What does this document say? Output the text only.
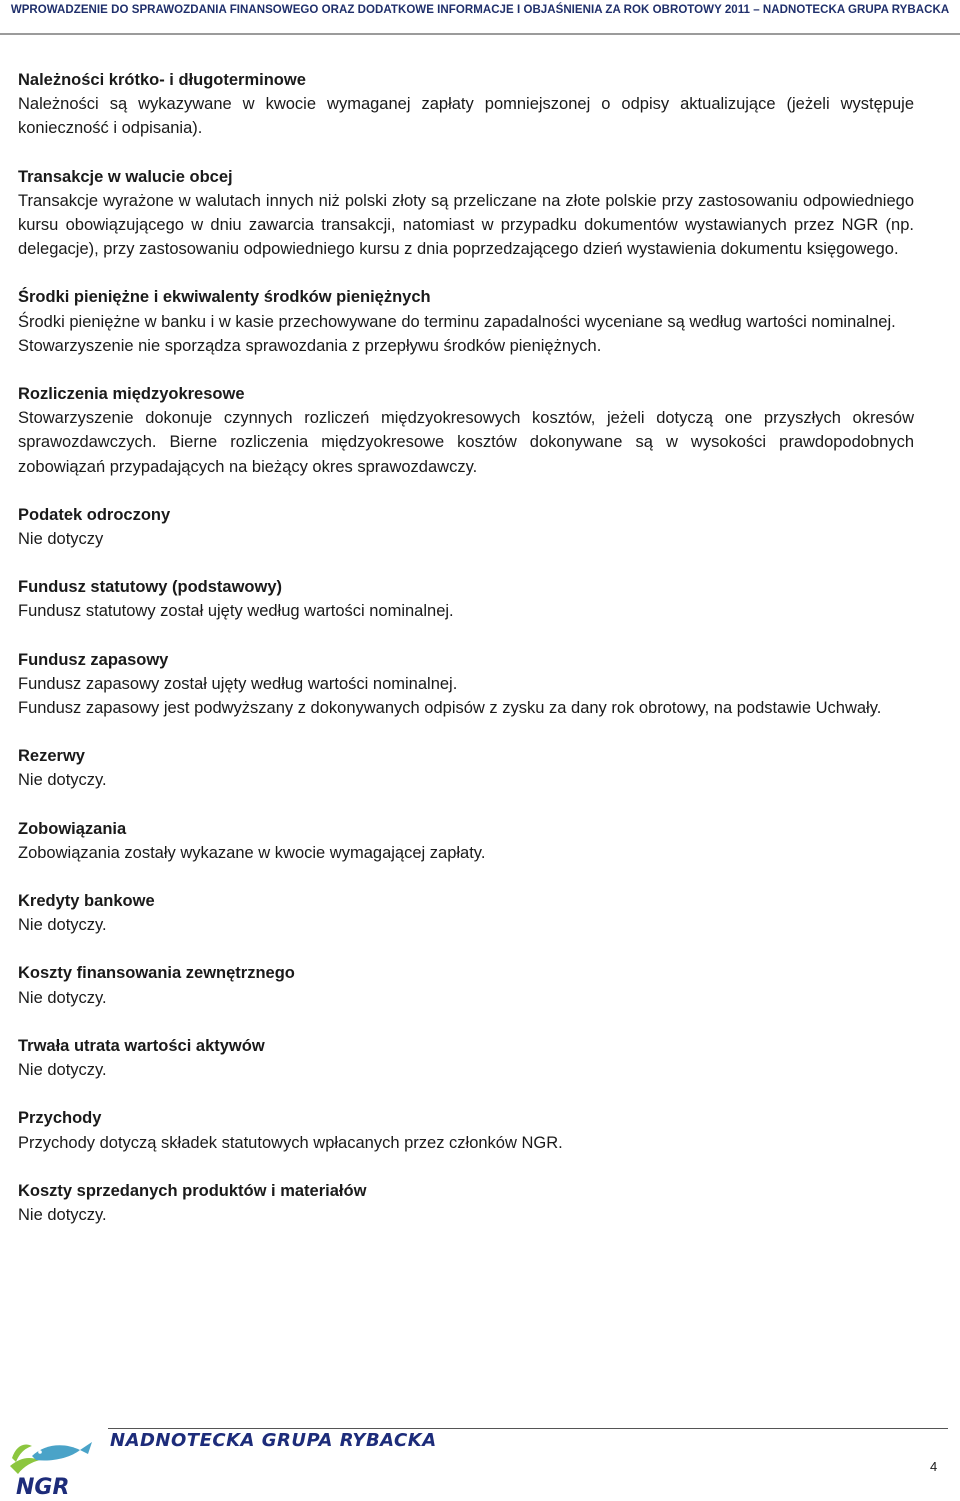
WPROWADZENIE DO SPRAWOZDANIA FINANSOWEGO ORAZ DODATKOWE INFORMACJE I OBJAŚNIENIA ZA ROK OBROTOWY 2011 – NADNOTECKA GRUPA RYBACKA
Należności krótko- i długoterminowe

Należności są wykazywane w kwocie wymaganej zapłaty pomniejszonej o odpisy aktualizujące (jeżeli występuje konieczność i odpisania).

Transakcje w walucie obcej

Transakcje wyrażone w walutach innych niż polski złoty są przeliczane na złote polskie przy zastosowaniu odpowiedniego kursu obowiązującego w dniu zawarcia transakcji, natomiast w przypadku dokumentów wystawianych przez NGR (np. delegacje), przy zastosowaniu odpowiedniego kursu z dnia poprzedzającego dzień wystawienia dokumentu księgowego.

Środki pieniężne i ekwiwalenty środków pieniężnych

Środki pieniężne w banku i w kasie przechowywane do terminu zapadalności wyceniane są według wartości nominalnej.

Stowarzyszenie nie sporządza sprawozdania z przepływu środków pieniężnych.

Rozliczenia międzyokresowe

Stowarzyszenie dokonuje czynnych rozliczeń międzyokresowych kosztów, jeżeli dotyczą one przyszłych okresów sprawozdawczych. Bierne rozliczenia międzyokresowe kosztów dokonywane są w wysokości prawdopodobnych zobowiązań przypadających na bieżący okres sprawozdawczy.

Podatek odroczony

Nie dotyczy

Fundusz statutowy (podstawowy)

Fundusz statutowy został ujęty według wartości nominalnej.

Fundusz zapasowy

Fundusz zapasowy został ujęty według wartości nominalnej.

Fundusz zapasowy jest podwyższany z dokonywanych odpisów z zysku za dany rok obrotowy, na podstawie Uchwały.

Rezerwy

Nie dotyczy.

Zobowiązania

Zobowiązania zostały wykazane w kwocie wymagającej zapłaty.

Kredyty bankowe

Nie dotyczy.

Koszty finansowania zewnętrznego

Nie dotyczy.

Trwała utrata wartości aktywów

Nie dotyczy.

Przychody

Przychody dotyczą składek statutowych wpłacanych przez członków NGR.

Koszty sprzedanych produktów i materiałów

Nie dotyczy.

NGR
NADNOTECKA GRUPA RYBACKA
4
